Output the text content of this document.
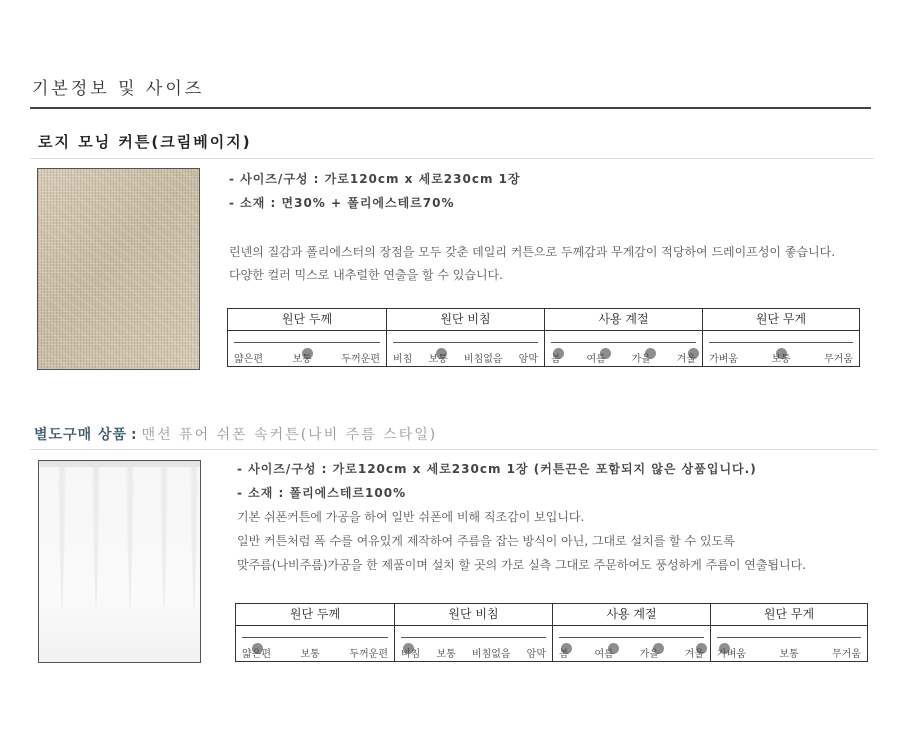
기본정보 및 사이즈
로지 모닝 커튼(크림베이지)
- 사이즈/구성 : 가로120cm x 세로230cm 1장
- 소재 : 면30% + 폴리에스테르70%
린넨의 질감과 폴리에스터의 장점을 모두 갖춘 데일리 커튼으로 두께감과 무게감이 적당하여 드레이프성이 좋습니다.
다양한 컬러 믹스로 내추럴한 연출을 할 수 있습니다.
원단 두께	원단 비침	사용 계절	원단 무게

얇은편 보통 두꺼운편	비침 보통 비침없음 암막	봄 여름 가을 겨울	가벼움 보통 무거움
별도구매 상품 : 맨션 퓨어 쉬폰 속커튼(나비 주름 스타일)
- 사이즈/구성 : 가로120cm x 세로230cm 1장 (커튼끈은 포함되지 않은 상품입니다.)
- 소재 : 폴리에스테르100%
기본 쉬폰커튼에 가공을 하여 일반 쉬폰에 비해 직조감이 보입니다.
일반 커튼처럼 폭 수를 여유있게 제작하여 주름을 잡는 방식이 아닌, 그대로 설치를 할 수 있도록
맞주름(나비주름)가공을 한 제품이며 설치 할 곳의 가로 실측 그대로 주문하여도 풍성하게 주름이 연출됩니다.
원단 두께	원단 비침	사용 계절	원단 무게

얇은편 보통 두꺼운편	비침 보통 비침없음 암막	봄 여름 가을 겨울	가벼움 보통 무거움
